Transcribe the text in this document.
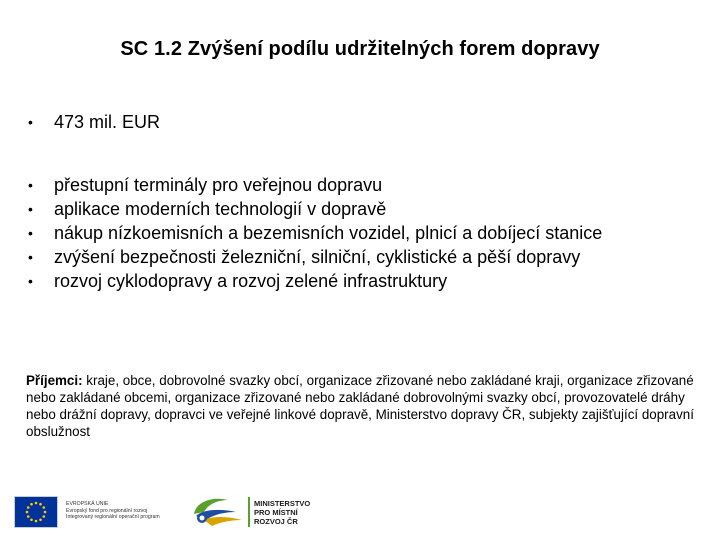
SC 1.2 Zvýšení podílu udržitelných forem dopravy
• 473 mil. EUR
• přestupní terminály pro veřejnou dopravu
• aplikace moderních technologií v dopravě
• nákup nízkoemisních a bezemisních vozidel, plnicí a dobíjecí stanice
• zvýšení bezpečnosti železniční, silniční, cyklistické a pěší dopravy
• rozvoj cyklodopravy a rozvoj zelené infrastruktury
Příjemci: kraje, obce, dobrovolné svazky obcí, organizace zřizované nebo zakládané kraji, organizace zřizované nebo zakládané obcemi, organizace zřizované nebo zakládané dobrovolnými svazky obcí, provozovatelé dráhy nebo drážní dopravy, dopravci ve veřejné linkové dopravě, Ministerstvo dopravy ČR, subjekty zajišťující dopravní obslužnost
EVROPSKÁ UNIE
Evropský fond pro regionální rozvoj
Integrovaný regionální operační program
MINISTERSTVO
PRO MÍSTNÍ
ROZVOJ ČR
